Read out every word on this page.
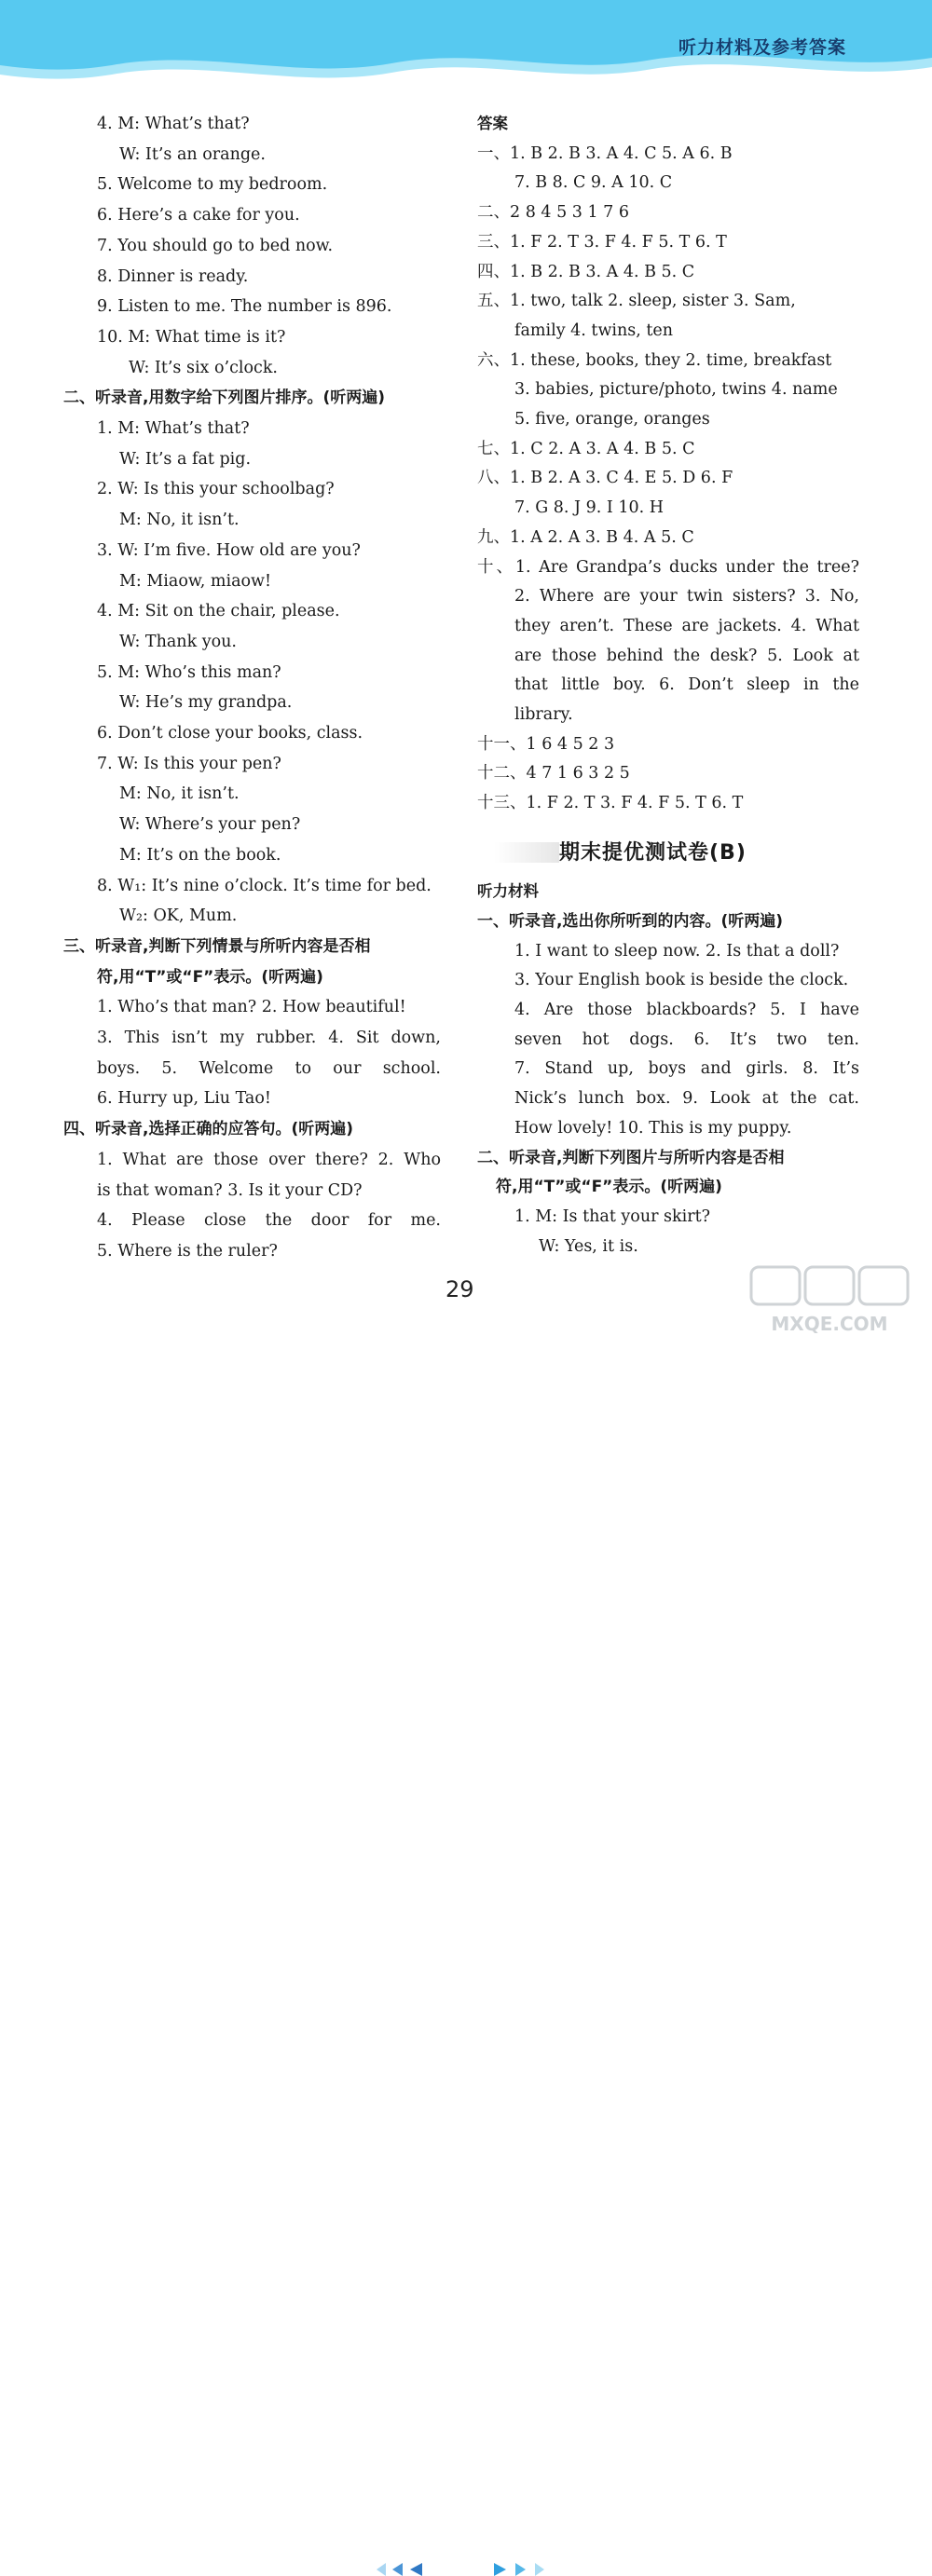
听力材料及参考答案
4. M: What’s that?
W: It’s an orange.
5. Welcome to my bedroom.
6. Here’s a cake for you.
7. You should go to bed now.
8. Dinner is ready.
9. Listen to me. The number is 896.
10. M: What time is it?
W: It’s six o’clock.
二、听录音,用数字给下列图片排序。(听两遍)
1. M: What’s that?
W: It’s a fat pig.
2. W: Is this your schoolbag?
M: No, it isn’t.
3. W: I’m five. How old are you?
M: Miaow, miaow!
4. M: Sit on the chair, please.
W: Thank you.
5. M: Who’s this man?
W: He’s my grandpa.
6. Don’t close your books, class.
7. W: Is this your pen?
M: No, it isn’t.
W: Where’s your pen?
M: It’s on the book.
8. W₁: It’s nine o’clock. It’s time for bed.
W₂: OK, Mum.
三、听录音,判断下列情景与所听内容是否相
符,用“T”或“F”表示。(听两遍)
1. Who’s that man? 2. How beautiful!
3. This isn’t my rubber. 4. Sit down,
boys. 5. Welcome to our school.
6. Hurry up, Liu Tao!
四、听录音,选择正确的应答句。(听两遍)
1. What are those over there? 2. Who
is that woman? 3. Is it your CD?
4. Please close the door for me.
5. Where is the ruler?
答案
一、1. B 2. B 3. A 4. C 5. A 6. B
7. B 8. C 9. A 10. C
二、2 8 4 5 3 1 7 6
三、1. F 2. T 3. F 4. F 5. T 6. T
四、1. B 2. B 3. A 4. B 5. C
五、1. two, talk 2. sleep, sister 3. Sam,
family 4. twins, ten
六、1. these, books, they 2. time, breakfast
3. babies, picture/photo, twins 4. name
5. five, orange, oranges
七、1. C 2. A 3. A 4. B 5. C
八、1. B 2. A 3. C 4. E 5. D 6. F
7. G 8. J 9. I 10. H
九、1. A 2. A 3. B 4. A 5. C
十、1. Are Grandpa’s ducks under the tree?
2. Where are your twin sisters? 3. No,
they aren’t. These are jackets. 4. What
are those behind the desk? 5. Look at
that little boy. 6. Don’t sleep in the
library.
十一、1 6 4 5 2 3
十二、4 7 1 6 3 2 5
十三、1. F 2. T 3. F 4. F 5. T 6. T
听力材料
一、听录音,选出你所听到的内容。(听两遍)
1. I want to sleep now. 2. Is that a doll?
3. Your English book is beside the clock.
4. Are those blackboards? 5. I have
seven hot dogs. 6. It’s two ten.
7. Stand up, boys and girls. 8. It’s
Nick’s lunch box. 9. Look at the cat.
How lovely! 10. This is my puppy.
二、听录音,判断下列图片与所听内容是否相
符,用“T”或“F”表示。(听两遍)
1. M: Is that your skirt?
W: Yes, it is.
期末提优测试卷(B)
29
MXQE.COM
